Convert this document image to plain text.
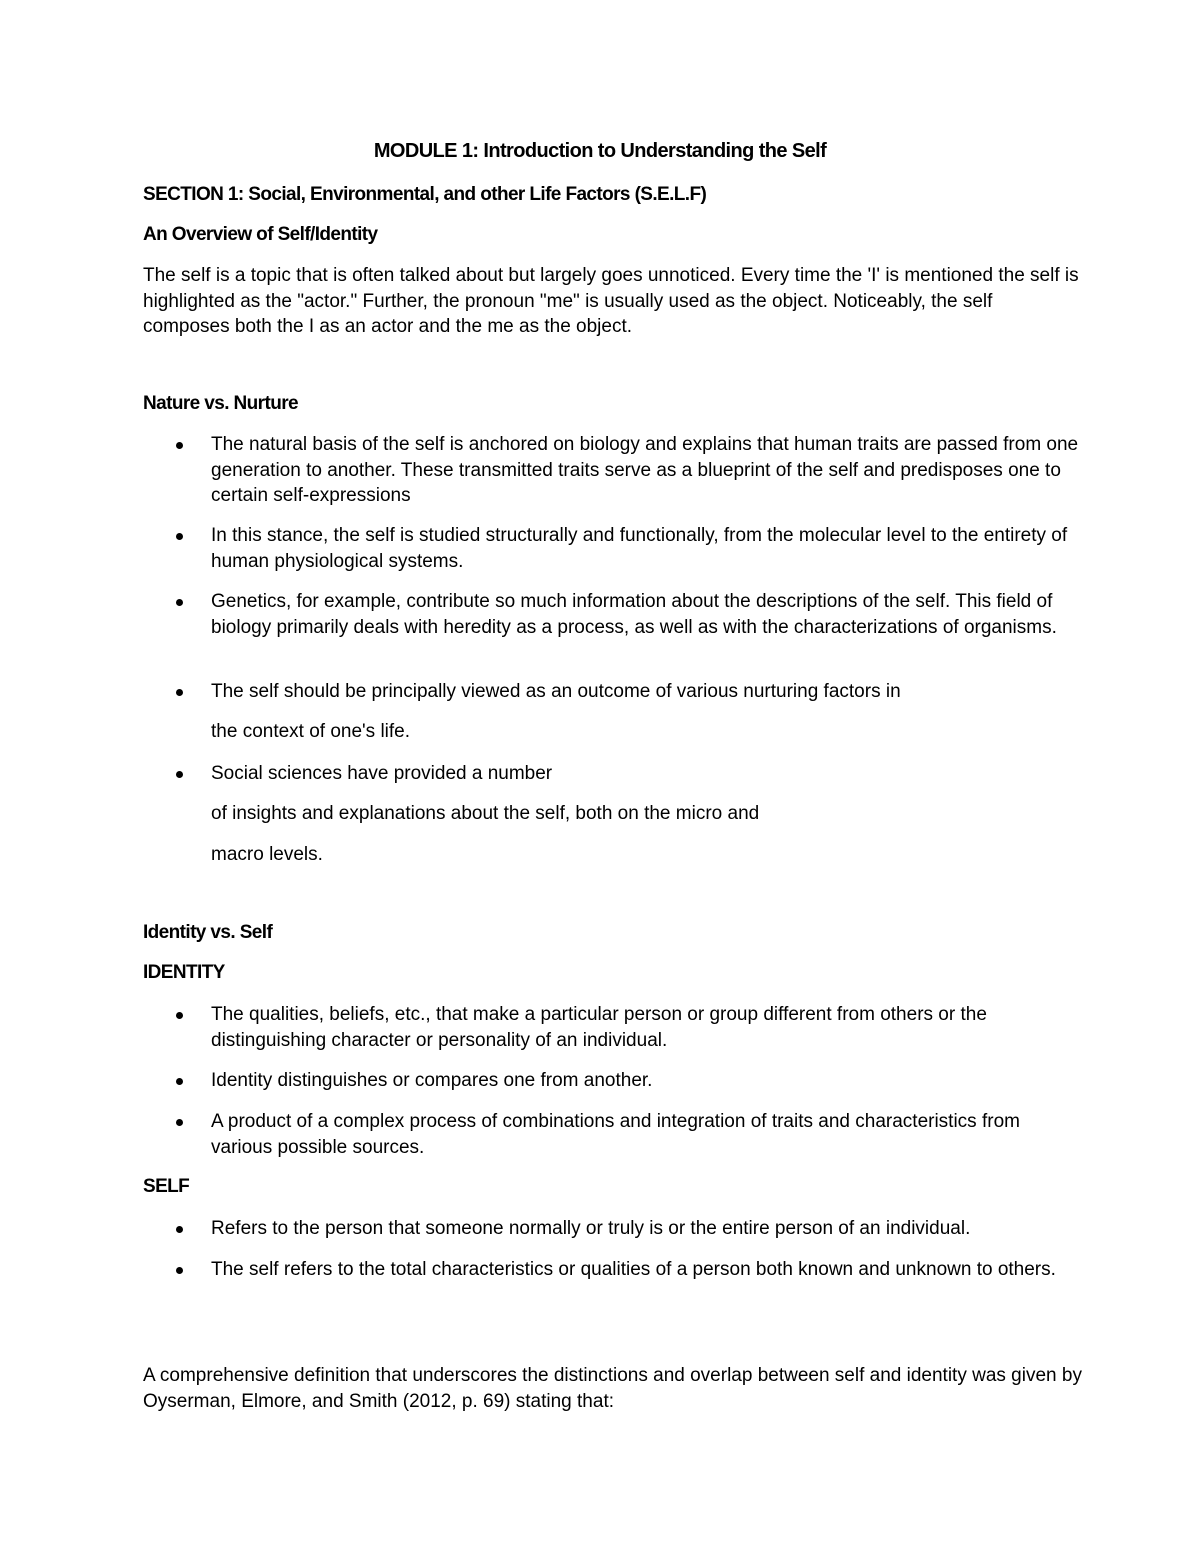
MODULE 1: Introduction to Understanding the Self
SECTION 1: Social, Environmental, and other Life Factors (S.E.L.F)
An Overview of Self/Identity
The self is a topic that is often talked about but largely goes unnoticed. Every time the 'I' is mentioned the self is highlighted as the "actor." Further, the pronoun "me" is usually used as the object. Noticeably, the self composes both the I as an actor and the me as the object.
Nature vs. Nurture
The natural basis of the self is anchored on biology and explains that human traits are passed from one generation to another. These transmitted traits serve as a blueprint of the self and predisposes one to certain self-expressions
In this stance, the self is studied structurally and functionally, from the molecular level to the entirety of human physiological systems.
Genetics, for example, contribute so much information about the descriptions of the self. This field of biology primarily deals with heredity as a process, as well as with the characterizations of organisms.
The self should be principally viewed as an outcome of various nurturing factors in
the context of one's life.
Social sciences have provided a number
of insights and explanations about the self, both on the micro and
macro levels.
Identity vs. Self
IDENTITY
The qualities, beliefs, etc., that make a particular person or group different from others or the distinguishing character or personality of an individual.
Identity distinguishes or compares one from another.
A product of a complex process of combinations and integration of traits and characteristics from various possible sources.
SELF
Refers to the person that someone normally or truly is or the entire person of an individual.
The self refers to the total characteristics or qualities of a person both known and unknown to others.
A comprehensive definition that underscores the distinctions and overlap between self and identity was given by Oyserman, Elmore, and Smith (2012, p. 69) stating that:
